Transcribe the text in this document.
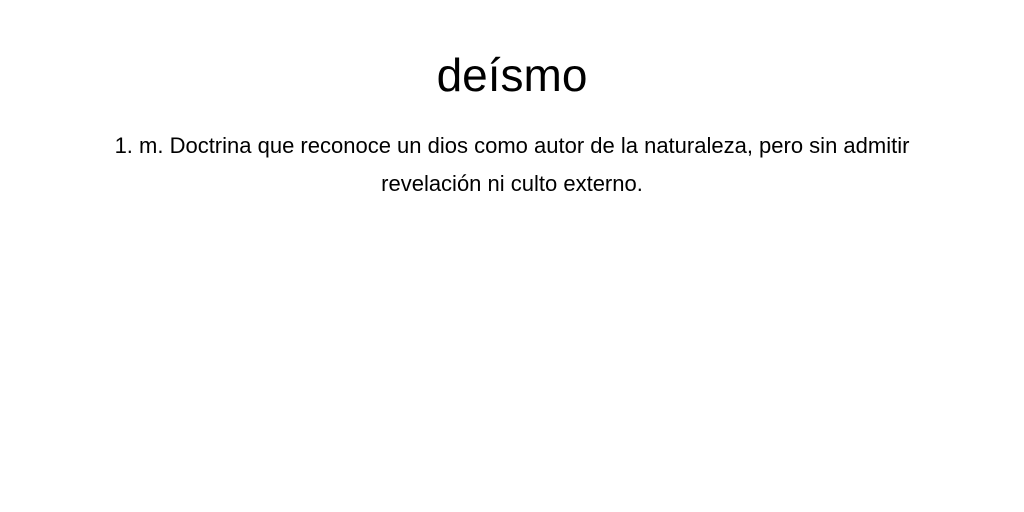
deísmo

1. m. Doctrina que reconoce un dios como autor de la naturaleza, pero sin admitir revelación ni culto externo.
